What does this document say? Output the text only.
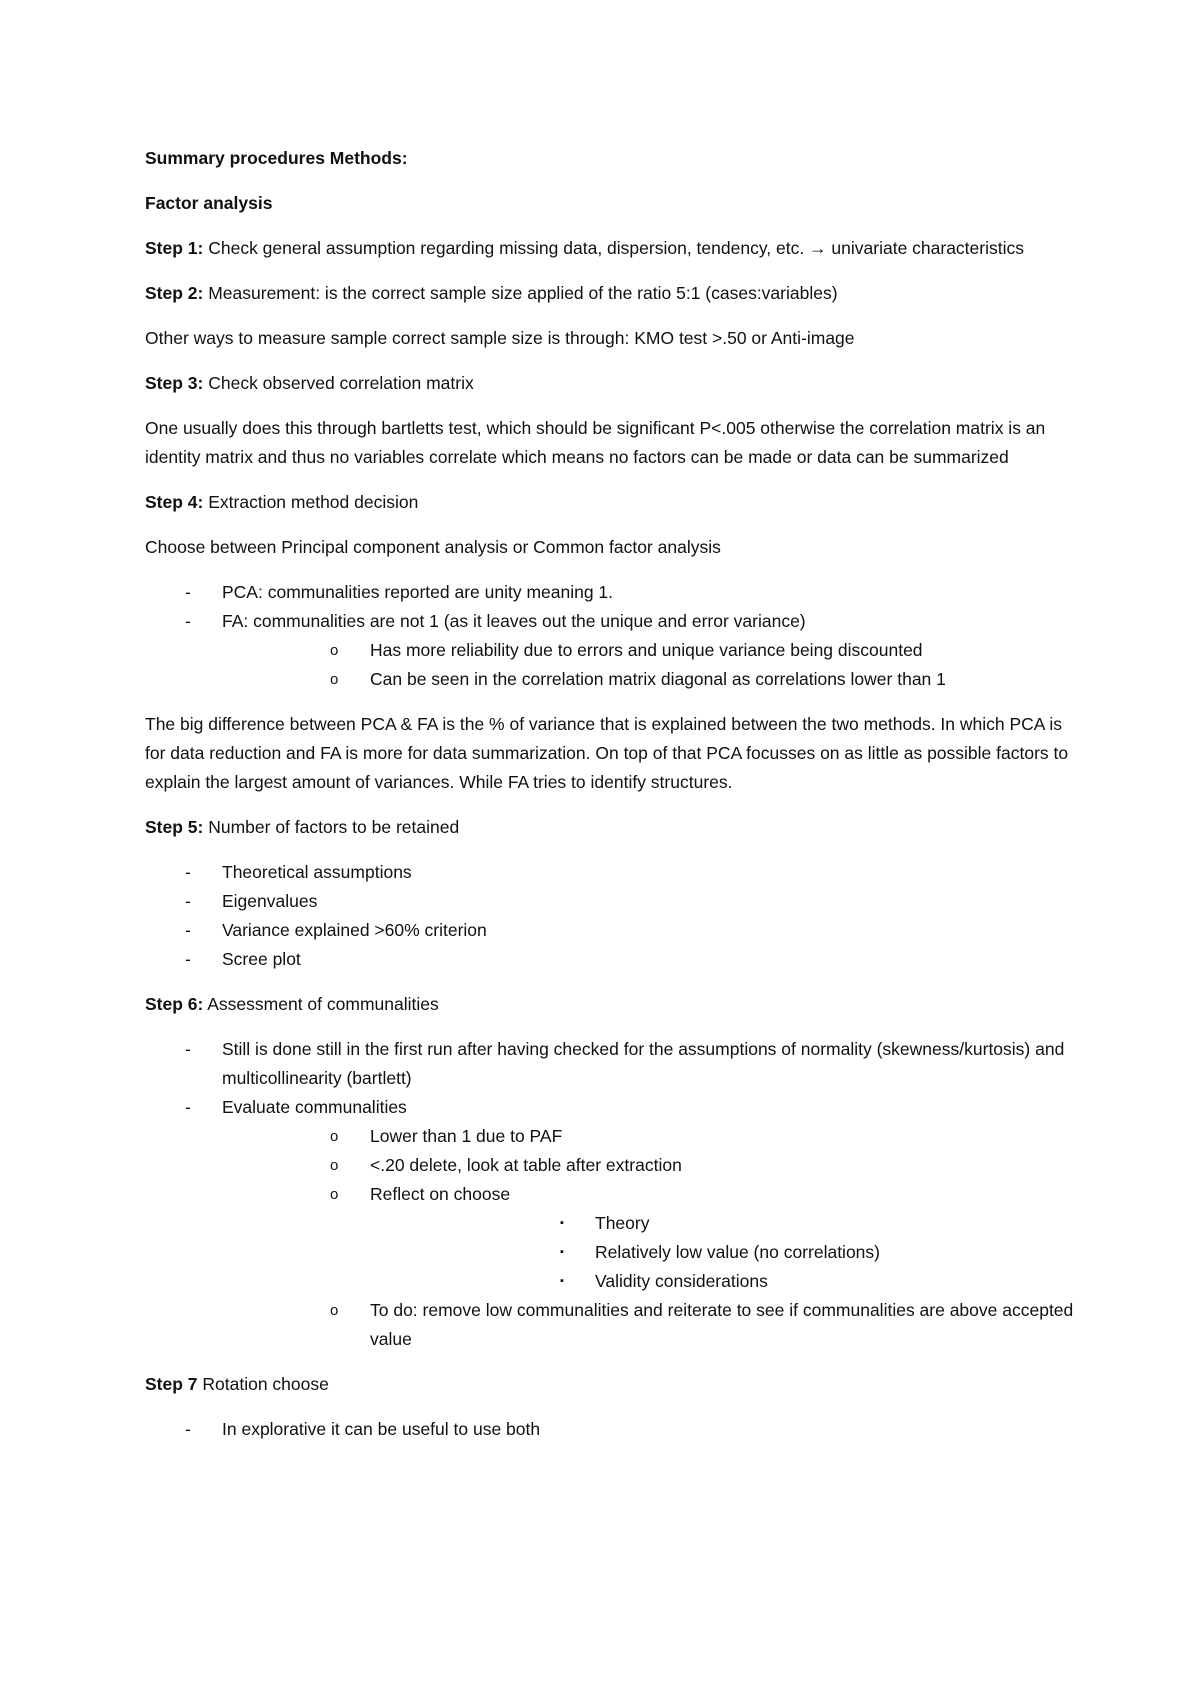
Summary procedures Methods:

Factor analysis

Step 1: Check general assumption regarding missing data, dispersion, tendency, etc. → univariate characteristics

Step 2: Measurement: is the correct sample size applied of the ratio 5:1 (cases:variables)

Other ways to measure sample correct sample size is through: KMO test >.50 or Anti-image

Step 3: Check observed correlation matrix

One usually does this through bartletts test, which should be significant P<.005 otherwise the correlation matrix is an identity matrix and thus no variables correlate which means no factors can be made or data can be summarized

Step 4: Extraction method decision

Choose between Principal component analysis or Common factor analysis

- PCA: communalities reported are unity meaning 1.
- FA: communalities are not 1 (as it leaves out the unique and error variance)
o Has more reliability due to errors and unique variance being discounted
o Can be seen in the correlation matrix diagonal as correlations lower than 1

The big difference between PCA & FA is the % of variance that is explained between the two methods. In which PCA is for data reduction and FA is more for data summarization. On top of that PCA focusses on as little as possible factors to explain the largest amount of variances. While FA tries to identify structures.

Step 5: Number of factors to be retained

- Theoretical assumptions
- Eigenvalues
- Variance explained >60% criterion
- Scree plot

Step 6: Assessment of communalities

- Still is done still in the first run after having checked for the assumptions of normality (skewness/kurtosis) and multicollinearity (bartlett)
- Evaluate communalities
o Lower than 1 due to PAF
o <.20 delete, look at table after extraction
o Reflect on choose
▪ Theory
▪ Relatively low value (no correlations)
▪ Validity considerations
o To do: remove low communalities and reiterate to see if communalities are above accepted value

Step 7 Rotation choose

- In explorative it can be useful to use both
